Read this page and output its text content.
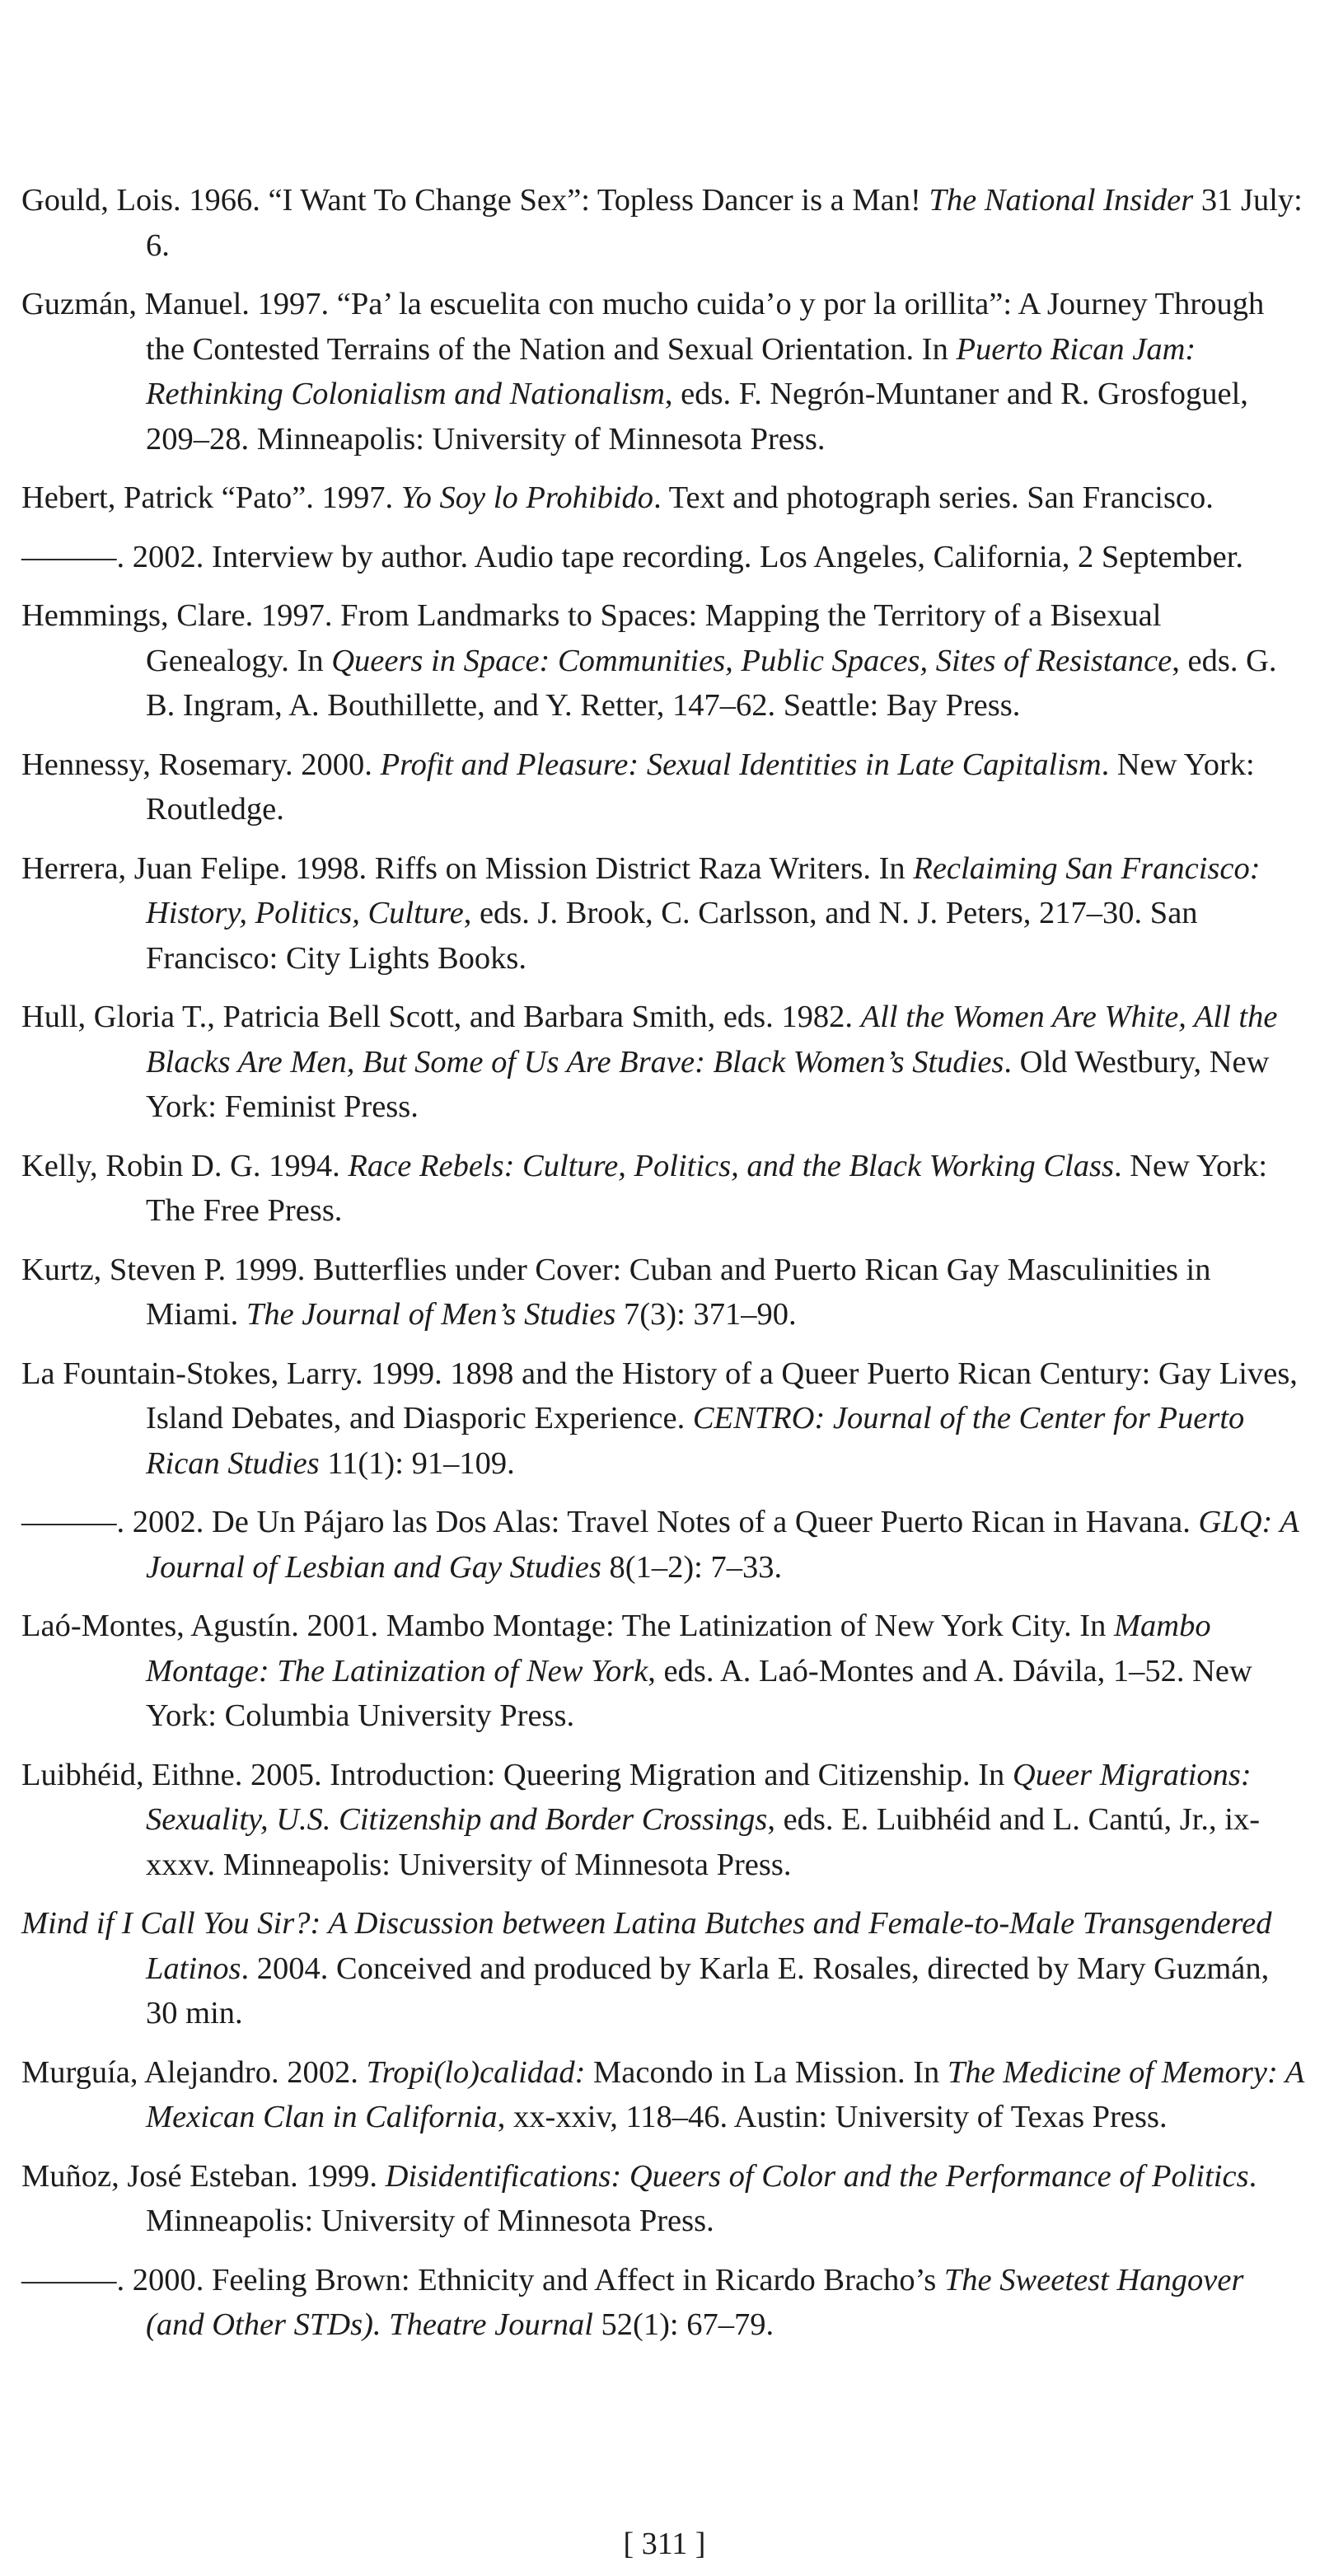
Gould, Lois. 1966. “I Want To Change Sex”: Topless Dancer is a Man! The National Insider 31 July: 6.

Guzmán, Manuel. 1997. “Pa’ la escuelita con mucho cuida’o y por la orillita”: A Journey Through the Contested Terrains of the Nation and Sexual Orientation. In Puerto Rican Jam: Rethinking Colonialism and Nationalism, eds. F. Negrón-Muntaner and R. Grosfoguel, 209–28. Minneapolis: University of Minnesota Press.

Hebert, Patrick “Pato”. 1997. Yo Soy lo Prohibido. Text and photograph series. San Francisco.

———. 2002. Interview by author. Audio tape recording. Los Angeles, California, 2 September.

Hemmings, Clare. 1997. From Landmarks to Spaces: Mapping the Territory of a Bisexual Genealogy. In Queers in Space: Communities, Public Spaces, Sites of Resistance, eds. G. B. Ingram, A. Bouthillette, and Y. Retter, 147–62. Seattle: Bay Press.

Hennessy, Rosemary. 2000. Profit and Pleasure: Sexual Identities in Late Capitalism. New York: Routledge.

Herrera, Juan Felipe. 1998. Riffs on Mission District Raza Writers. In Reclaiming San Francisco: History, Politics, Culture, eds. J. Brook, C. Carlsson, and N. J. Peters, 217–30. San Francisco: City Lights Books.

Hull, Gloria T., Patricia Bell Scott, and Barbara Smith, eds. 1982. All the Women Are White, All the Blacks Are Men, But Some of Us Are Brave: Black Women’s Studies. Old Westbury, New York: Feminist Press.

Kelly, Robin D. G. 1994. Race Rebels: Culture, Politics, and the Black Working Class. New York: The Free Press.

Kurtz, Steven P. 1999. Butterflies under Cover: Cuban and Puerto Rican Gay Masculinities in Miami. The Journal of Men’s Studies 7(3): 371–90.

La Fountain-Stokes, Larry. 1999. 1898 and the History of a Queer Puerto Rican Century: Gay Lives, Island Debates, and Diasporic Experience. CENTRO: Journal of the Center for Puerto Rican Studies 11(1): 91–109.

———. 2002. De Un Pájaro las Dos Alas: Travel Notes of a Queer Puerto Rican in Havana. GLQ: A Journal of Lesbian and Gay Studies 8(1–2): 7–33.

Laó-Montes, Agustín. 2001. Mambo Montage: The Latinization of New York City. In Mambo Montage: The Latinization of New York, eds. A. Laó-Montes and A. Dávila, 1–52. New York: Columbia University Press.

Luibhéid, Eithne. 2005. Introduction: Queering Migration and Citizenship. In Queer Migrations: Sexuality, U.S. Citizenship and Border Crossings, eds. E. Luibhéid and L. Cantú, Jr., ix-xxxv. Minneapolis: University of Minnesota Press.

Mind if I Call You Sir?: A Discussion between Latina Butches and Female-to-Male Transgendered Latinos. 2004. Conceived and produced by Karla E. Rosales, directed by Mary Guzmán, 30 min.

Murguía, Alejandro. 2002. Tropi(lo)calidad: Macondo in La Mission. In The Medicine of Memory: A Mexican Clan in California, xx-xxiv, 118–46. Austin: University of Texas Press.

Muñoz, José Esteban. 1999. Disidentifications: Queers of Color and the Performance of Politics. Minneapolis: University of Minnesota Press.

———. 2000. Feeling Brown: Ethnicity and Affect in Ricardo Bracho’s The Sweetest Hangover (and Other STDs). Theatre Journal 52(1): 67–79.

[ 311 ]
